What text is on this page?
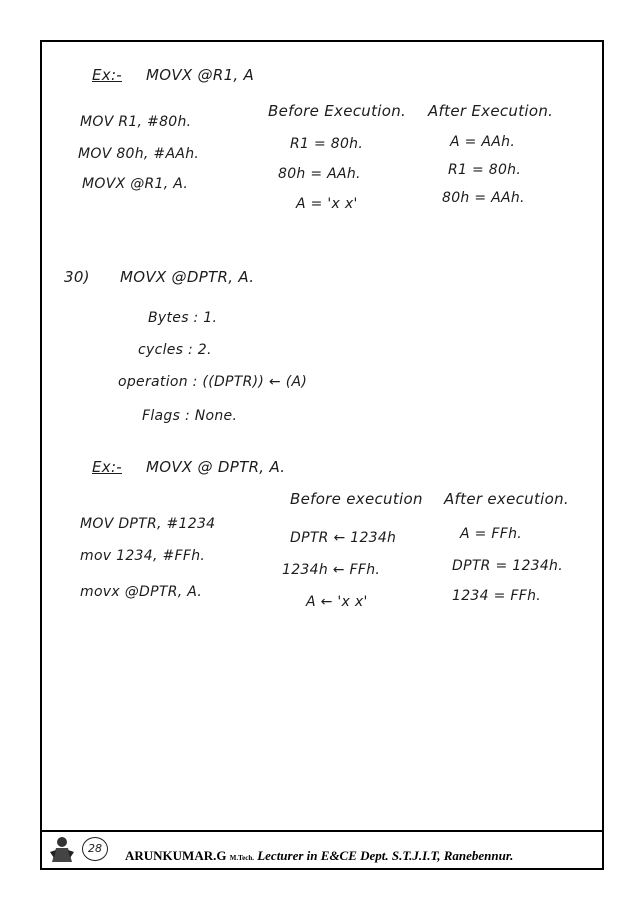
Ex:- MOVX @R1, A
MOV R1, #80h.
MOV 80h, #AAh.
MOVX @R1, A.
Before Execution.
R1 = 80h.
80h = AAh.
A = 'x x'
After Execution.
A = AAh.
R1 = 80h.
80h = AAh.
30) MOVX @DPTR, A.
Bytes : 1.
cycles : 2.
operation : ((DPTR)) ← (A)
Flags : None.
Ex:- MOVX @ DPTR, A.
Before execution After execution.
MOV DPTR, #1234
mov 1234, #FFh.
movx @DPTR, A.
DPTR ← 1234h
1234h ← FFh.
A ← 'x x'
A = FFh.
DPTR = 1234h.
1234 = FFh.
28	ARUNKUMAR.G M.Tech. Lecturer in E&CE Dept. S.T.J.I.T, Ranebennur.
